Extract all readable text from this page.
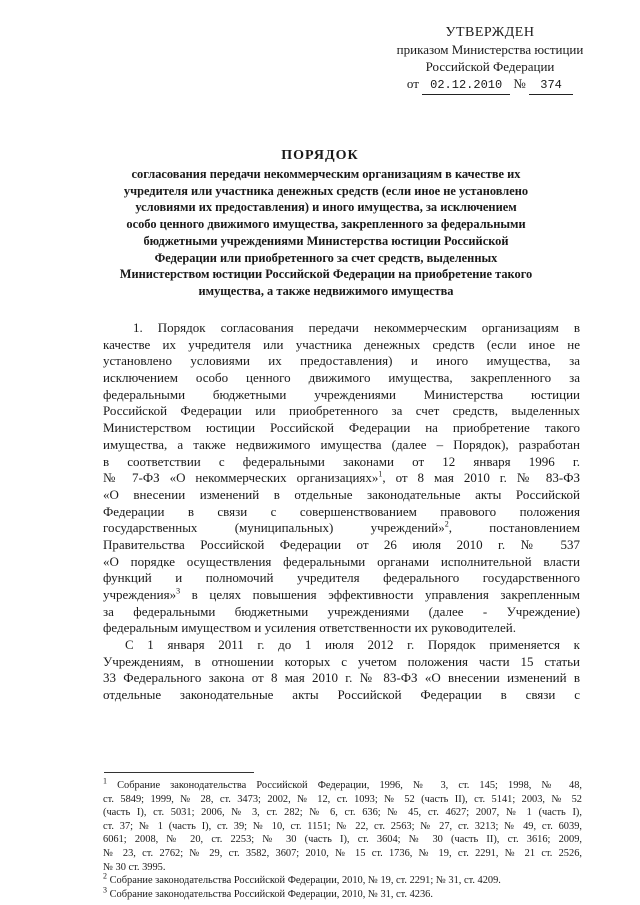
УТВЕРЖДЕН
приказом Министерства юстиции
Российской Федерации
от 02.12.2010 № 374
ПОРЯДОК
согласования передачи некоммерческим организациям в качестве их
учредителя или участника денежных средств (если иное не установлено
условиями их предоставления) и иного имущества, за исключением
особо ценного движимого имущества, закрепленного за федеральными
бюджетными учреждениями Министерства юстиции Российской
Федерации или приобретенного за счет средств, выделенных
Министерством юстиции Российской Федерации на приобретение такого
имущества, а также недвижимого имущества
1. Порядок согласования передачи некоммерческим организациям в
качестве их учредителя или участника денежных средств (если иное не
установлено условиями их предоставления) и иного имущества, за
исключением особо ценного движимого имущества, закрепленного за
федеральными бюджетными учреждениями Министерства юстиции
Российской Федерации или приобретенного за счет средств, выделенных
Министерством юстиции Российской Федерации на приобретение такого
имущества, а также недвижимого имущества (далее – Порядок), разработан
в соответствии с федеральными законами от 12 января 1996 г.
№ 7-ФЗ «О некоммерческих организациях»$^1$, от 8 мая 2010 г. № 83-ФЗ
«О внесении изменений в отдельные законодательные акты Российской
Федерации в связи с совершенствованием правового положения
государственных (муниципальных) учреждений»$^2$, постановлением
Правительства Российской Федерации от 26 июля 2010 г. № 537
«О порядке осуществления федеральными органами исполнительной власти
функций и полномочий учредителя федерального государственного
учреждения»$^3$ в целях повышения эффективности управления закрепленным
за федеральными бюджетными учреждениями (далее - Учреждение)
федеральным имуществом и усиления ответственности их руководителей.
С 1 января 2011 г. до 1 июля 2012 г. Порядок применяется к
Учреждениям, в отношении которых с учетом положения части 15 статьи
33 Федерального закона от 8 мая 2010 г. № 83-ФЗ «О внесении изменений в
отдельные законодательные акты Российской Федерации в связи с
$^1$ Собрание законодательства Российской Федерации, 1996, № 3, ст. 145; 1998, № 48,
ст. 5849; 1999, № 28, ст. 3473; 2002, № 12, ст. 1093; № 52 (часть II), ст. 5141; 2003, № 52
(часть I), ст. 5031; 2006, № 3, ст. 282; № 6, ст. 636; № 45, ст. 4627; 2007, № 1 (часть I),
ст. 37; № 1 (часть I), ст. 39; № 10, ст. 1151; № 22, ст. 2563; № 27, ст. 3213; № 49, ст. 6039,
6061; 2008, № 20, ст. 2253; № 30 (часть I), ст. 3604; № 30 (часть II), ст. 3616; 2009,
№ 23, ст. 2762; № 29, ст. 3582, 3607; 2010, № 15 ст. 1736, № 19, ст. 2291, № 21 ст. 2526,
№ 30 ст. 3995.
$^2$ Собрание законодательства Российской Федерации, 2010, № 19, ст. 2291; № 31, ст. 4209.
$^3$ Собрание законодательства Российской Федерации, 2010, № 31, ст. 4236.
